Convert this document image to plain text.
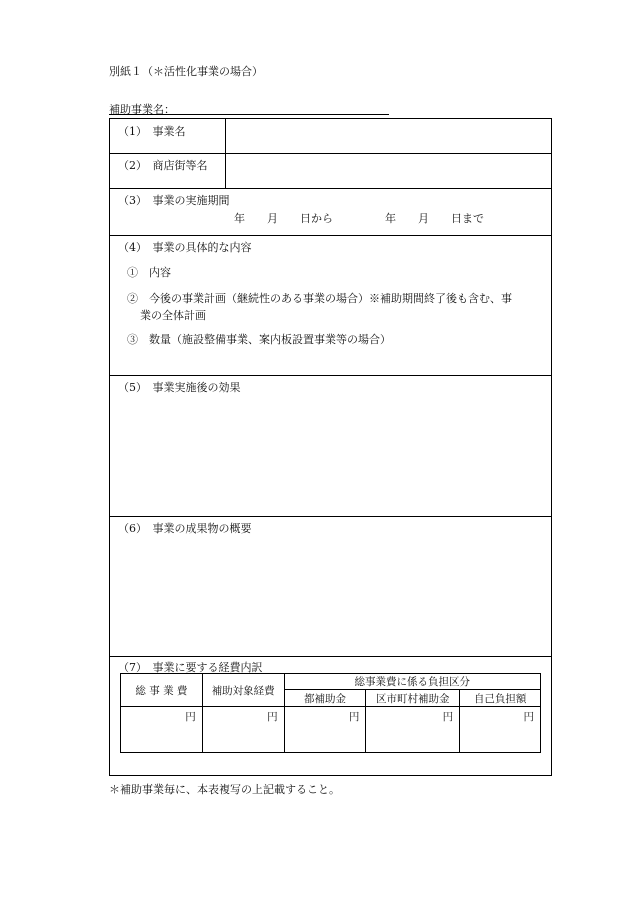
別紙１（＊活性化事業の場合）
補助事業名：
（1）　事業名
（2）　商店街等名
（3）　事業の実施期間
年　　月　　日から	年　　月　　日まで
（4）　事業の具体的な内容
①　内容
②　今後の事業計画（継続性のある事業の場合）※補助期間終了後も含む、事
業の全体計画
③　数量（施設整備事業、案内板設置事業等の場合）
（5）　事業実施後の効果
（6）　事業の成果物の概要
（7）　事業に要する経費内訳
総 事 業 費	補助対象経費	総事業費に係る負担区分		
		都補助金	区市町村補助金	自己負担額
円	円	円	円	円
＊補助事業毎に、本表複写の上記載すること。
